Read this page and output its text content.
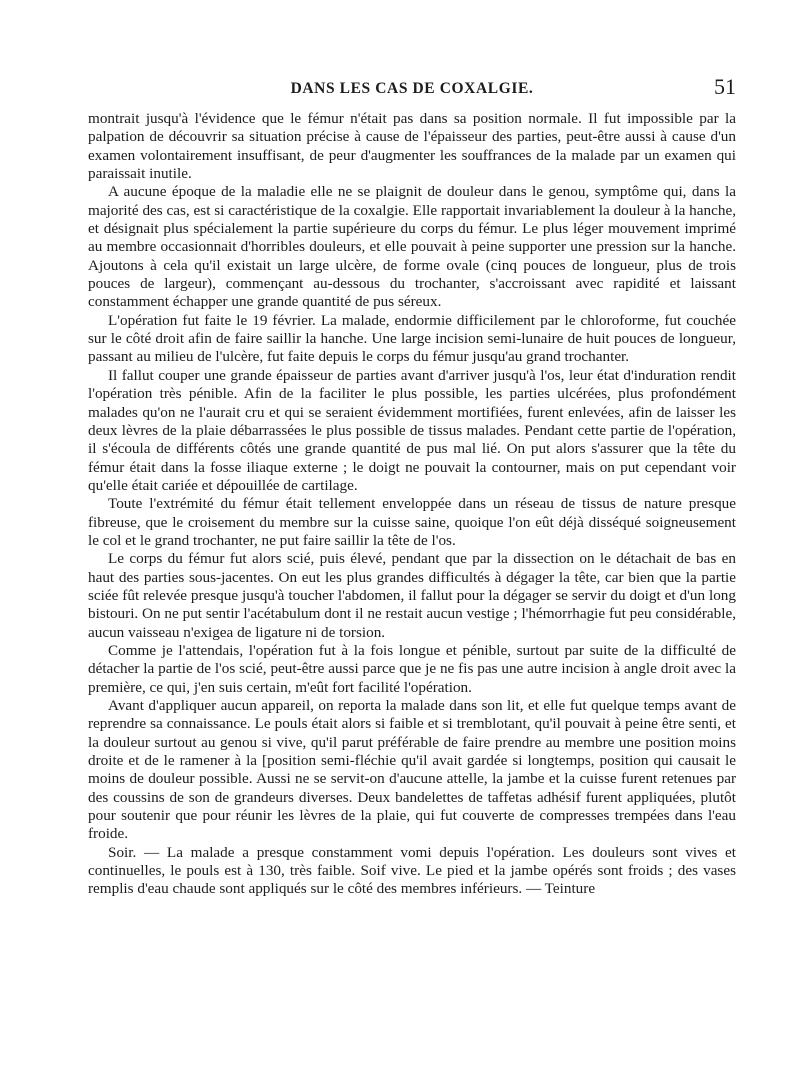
DANS LES CAS DE COXALGIE.	51

montrait jusqu'à l'évidence que le fémur n'était pas dans sa position normale. Il fut impossible par la palpation de découvrir sa situation précise à cause de l'épaisseur des parties, peut-être aussi à cause d'un examen volontairement insuffisant, de peur d'augmenter les souffrances de la malade par un examen qui paraissait inutile.

A aucune époque de la maladie elle ne se plaignit de douleur dans le genou, symptôme qui, dans la majorité des cas, est si caractéristique de la coxalgie. Elle rapportait invariablement la douleur à la hanche, et désignait plus spécialement la partie supérieure du corps du fémur. Le plus léger mouvement imprimé au membre occasionnait d'horribles douleurs, et elle pouvait à peine supporter une pression sur la hanche. Ajoutons à cela qu'il existait un large ulcère, de forme ovale (cinq pouces de longueur, plus de trois pouces de largeur), commençant au-dessous du trochanter, s'accroissant avec rapidité et laissant constamment échapper une grande quantité de pus séreux.

L'opération fut faite le 19 février. La malade, endormie difficilement par le chloroforme, fut couchée sur le côté droit afin de faire saillir la hanche. Une large incision semi-lunaire de huit pouces de longueur, passant au milieu de l'ulcère, fut faite depuis le corps du fémur jusqu'au grand trochanter.

Il fallut couper une grande épaisseur de parties avant d'arriver jusqu'à l'os, leur état d'induration rendit l'opération très pénible. Afin de la faciliter le plus possible, les parties ulcérées, plus profondément malades qu'on ne l'aurait cru et qui se seraient évidemment mortifiées, furent enlevées, afin de laisser les deux lèvres de la plaie débarrassées le plus possible de tissus malades. Pendant cette partie de l'opération, il s'écoula de différents côtés une grande quantité de pus mal lié. On put alors s'assurer que la tête du fémur était dans la fosse iliaque externe ; le doigt ne pouvait la contourner, mais on put cependant voir qu'elle était cariée et dépouillée de cartilage.

Toute l'extrémité du fémur était tellement enveloppée dans un réseau de tissus de nature presque fibreuse, que le croisement du membre sur la cuisse saine, quoique l'on eût déjà disséqué soigneusement le col et le grand trochanter, ne put faire saillir la tête de l'os.

Le corps du fémur fut alors scié, puis élevé, pendant que par la dissection on le détachait de bas en haut des parties sous-jacentes. On eut les plus grandes difficultés à dégager la tête, car bien que la partie sciée fût relevée presque jusqu'à toucher l'abdomen, il fallut pour la dégager se servir du doigt et d'un long bistouri. On ne put sentir l'acétabulum dont il ne restait aucun vestige ; l'hémorrhagie fut peu considérable, aucun vaisseau n'exigea de ligature ni de torsion.

Comme je l'attendais, l'opération fut à la fois longue et pénible, surtout par suite de la difficulté de détacher la partie de l'os scié, peut-être aussi parce que je ne fis pas une autre incision à angle droit avec la première, ce qui, j'en suis certain, m'eût fort facilité l'opération.

Avant d'appliquer aucun appareil, on reporta la malade dans son lit, et elle fut quelque temps avant de reprendre sa connaissance. Le pouls était alors si faible et si tremblotant, qu'il pouvait à peine être senti, et la douleur surtout au genou si vive, qu'il parut préférable de faire prendre au membre une position moins droite et de le ramener à la [position semi-fléchie qu'il avait gardée si longtemps, position qui causait le moins de douleur possible. Aussi ne se servit-on d'aucune attelle, la jambe et la cuisse furent retenues par des coussins de son de grandeurs diverses. Deux bandelettes de taffetas adhésif furent appliquées, plutôt pour soutenir que pour réunir les lèvres de la plaie, qui fut couverte de compresses trempées dans l'eau froide.

Soir. — La malade a presque constamment vomi depuis l'opération. Les douleurs sont vives et continuelles, le pouls est à 130, très faible. Soif vive. Le pied et la jambe opérés sont froids ; des vases remplis d'eau chaude sont appliqués sur le côté des membres inférieurs. — Teinture
